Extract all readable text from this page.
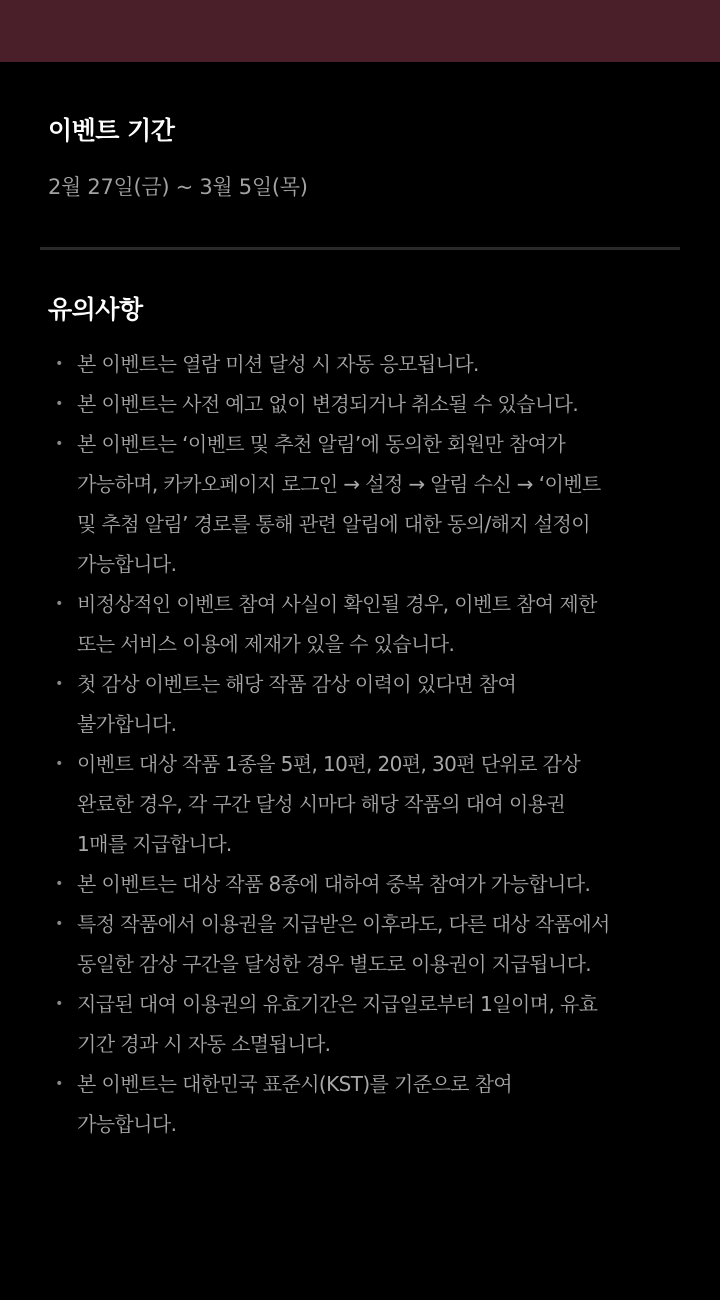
이벤트 기간
2월 27일(금) ~ 3월 5일(목)
유의사항
• 본 이벤트는 열람 미션 달성 시 자동 응모됩니다.
• 본 이벤트는 사전 예고 없이 변경되거나 취소될 수 있습니다.
• 본 이벤트는 ‘이벤트 및 추천 알림’에 동의한 회원만 참여가
가능하며, 카카오페이지 로그인 → 설정 → 알림 수신 → ‘이벤트
및 추첨 알림’ 경로를 통해 관련 알림에 대한 동의/해지 설정이
가능합니다.
• 비정상적인 이벤트 참여 사실이 확인될 경우, 이벤트 참여 제한
또는 서비스 이용에 제재가 있을 수 있습니다.
• 첫 감상 이벤트는 해당 작품 감상 이력이 있다면 참여
불가합니다.
• 이벤트 대상 작품 1종을 5편, 10편, 20편, 30편 단위로 감상
완료한 경우, 각 구간 달성 시마다 해당 작품의 대여 이용권
1매를 지급합니다.
• 본 이벤트는 대상 작품 8종에 대하여 중복 참여가 가능합니다.
• 특정 작품에서 이용권을 지급받은 이후라도, 다른 대상 작품에서
동일한 감상 구간을 달성한 경우 별도로 이용권이 지급됩니다.
• 지급된 대여 이용권의 유효기간은 지급일로부터 1일이며, 유효
기간 경과 시 자동 소멸됩니다.
• 본 이벤트는 대한민국 표준시(KST)를 기준으로 참여
가능합니다.
